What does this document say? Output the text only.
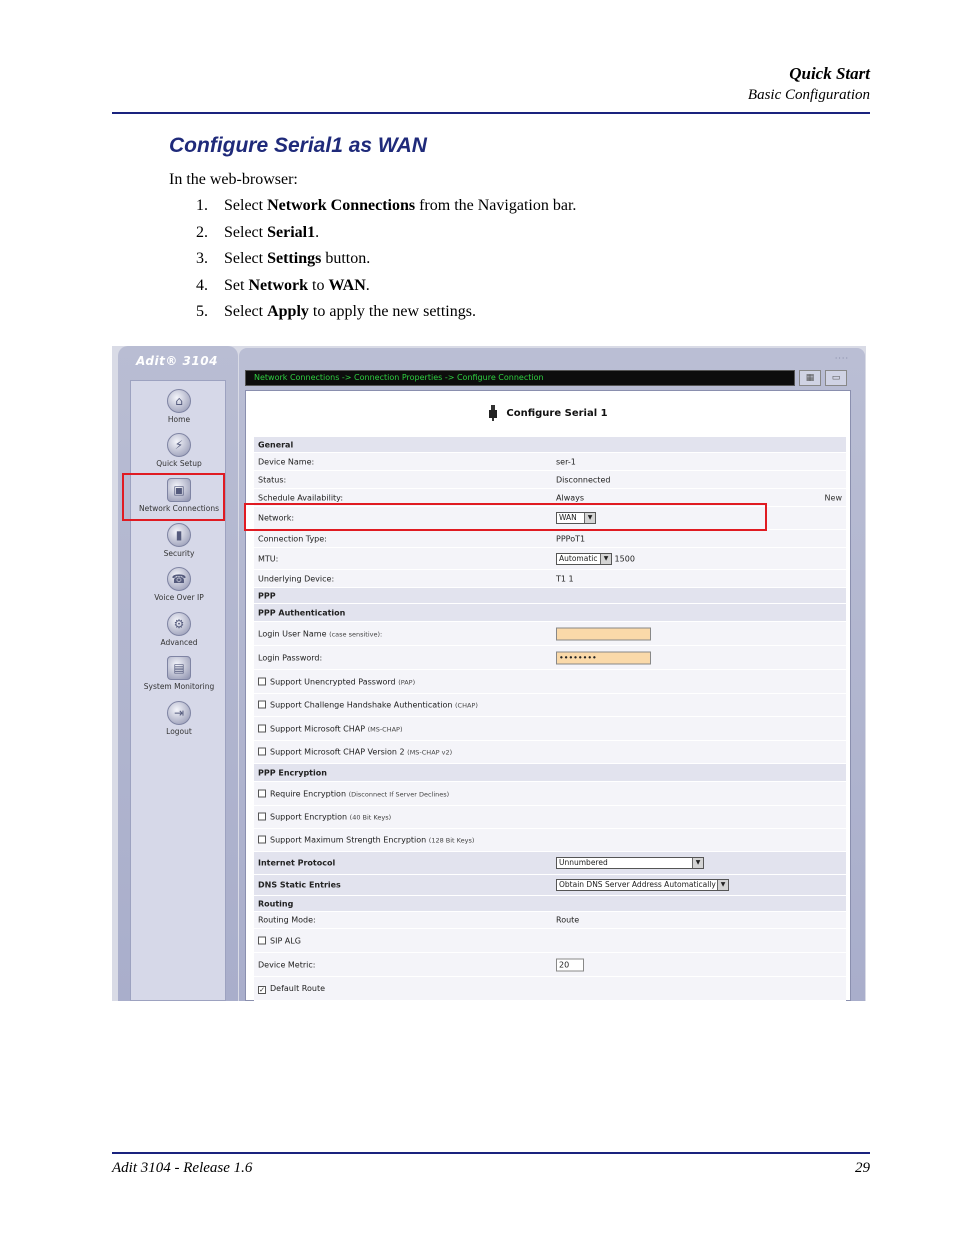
Quick Start
Basic Configuration
Configure Serial1 as WAN
In the web-browser:
1. Select Network Connections from the Navigation bar.
2. Select Serial1.
3. Select Settings button.
4. Set Network to WAN.
5. Select Apply to apply the new settings.
Adit® 3104
⌂
Home
⚡
Quick Setup
▣
Network Connections
▮
Security
☎
Voice Over IP
⚙
Advanced
▤
System Monitoring
⇥
Logout
····
Network Connections -> Connection Properties -> Configure Connection	▦	▭
Configure Serial 1
General
Device Name:	ser-1
Status:	Disconnected
Schedule Availability:	Always	New
Network:	WAN	▼
Connection Type:	PPPoT1
MTU:	Automatic	▼ 1500
Underlying Device:	T1 1
PPP
PPP Authentication
Login User Name (case sensitive):
Login Password:	••••••••
Support Unencrypted Password (PAP)
Support Challenge Handshake Authentication (CHAP)
Support Microsoft CHAP (MS-CHAP)
Support Microsoft CHAP Version 2 (MS-CHAP v2)
PPP Encryption
Require Encryption (Disconnect If Server Declines)
Support Encryption (40 Bit Keys)
Support Maximum Strength Encryption (128 Bit Keys)
Internet Protocol	Unnumbered	▼
DNS Static Entries	Obtain DNS Server Address Automatically ▼
Routing
Routing Mode:	Route
SIP ALG
Device Metric:	20
✓ Default Route
Adit 3104 - Release 1.6	29
